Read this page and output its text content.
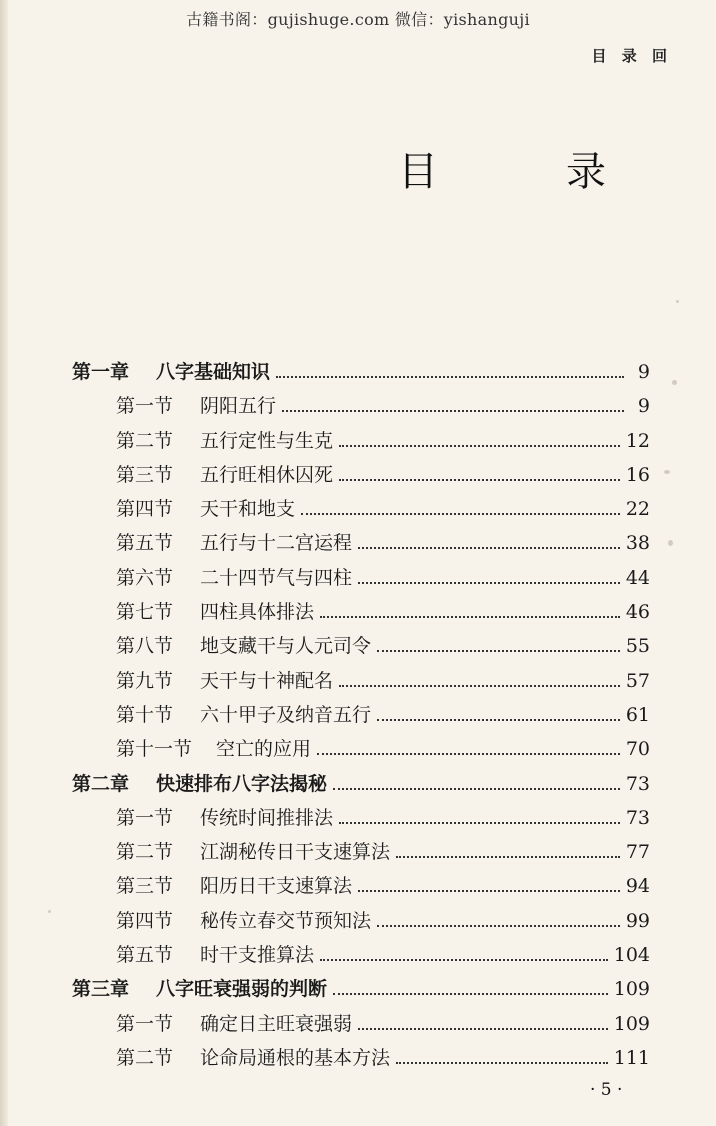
古籍书阁：gujishuge.com 微信：yishanguji
目 录 回
目　录
第一章	八字基础知识	9
第一节	阴阳五行	9
第二节	五行定性与生克	12
第三节	五行旺相休囚死	16
第四节	天干和地支	22
第五节	五行与十二宫运程	38
第六节	二十四节气与四柱	44
第七节	四柱具体排法	46
第八节	地支藏干与人元司令	55
第九节	天干与十神配名	57
第十节	六十甲子及纳音五行	61
第十一节	空亡的应用	70
第二章	快速排布八字法揭秘	73
第一节	传统时间推排法	73
第二节	江湖秘传日干支速算法	77
第三节	阳历日干支速算法	94
第四节	秘传立春交节预知法	99
第五节	时干支推算法	104
第三章	八字旺衰强弱的判断	109
第一节	确定日主旺衰强弱	109
第二节	论命局通根的基本方法	111
· 5 ·
